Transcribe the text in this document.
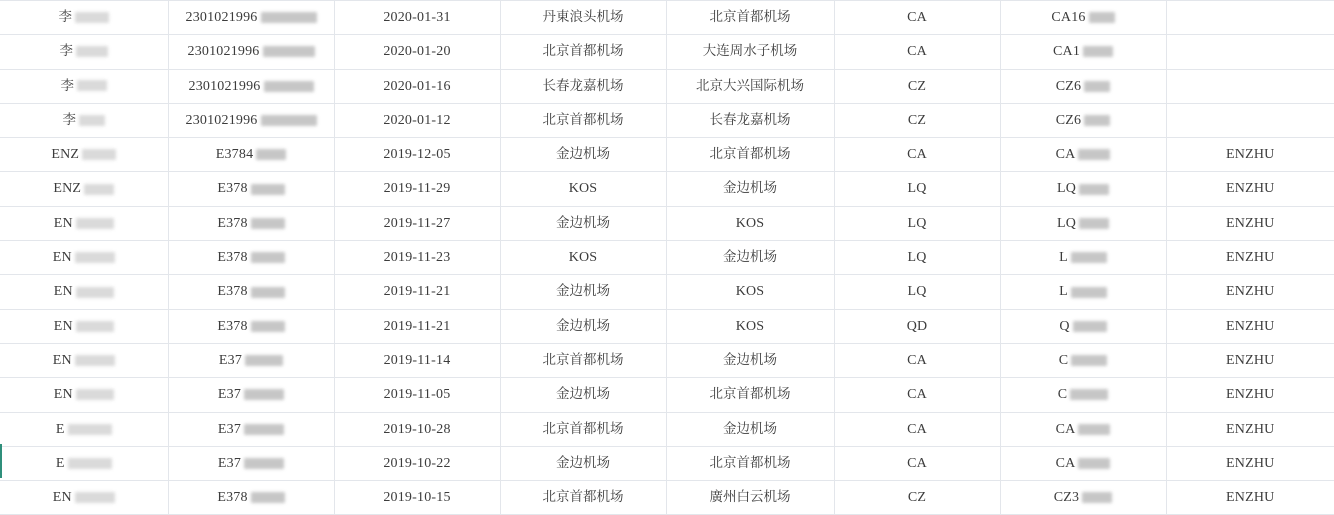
李	2301021996	2020-01-31	丹東浪头机场	北京首都机场	CA	CA16	

李	2301021996	2020-01-20	北京首都机场	大连周水子机场	CA	CA1	

李	2301021996	2020-01-16	长春龙嘉机场	北京大兴国际机场	CZ	CZ6	

李	2301021996	2020-01-12	北京首都机场	长春龙嘉机场	CZ	CZ6	

ENZ	E3784	2019-12-05	金边机场	北京首都机场	CA	CA	ENZHU

ENZ	E378	2019-11-29	KOS	金边机场	LQ	LQ	ENZHU

EN	E378	2019-11-27	金边机场	KOS	LQ	LQ	ENZHU

EN	E378	2019-11-23	KOS	金边机场	LQ	L	ENZHU

EN	E378	2019-11-21	金边机场	KOS	LQ	L	ENZHU

EN	E378	2019-11-21	金边机场	KOS	QD	Q	ENZHU

EN	E37	2019-11-14	北京首都机场	金边机场	CA	C	ENZHU

EN	E37	2019-11-05	金边机场	北京首都机场	CA	C	ENZHU

E	E37	2019-10-28	北京首都机场	金边机场	CA	CA	ENZHU

E	E37	2019-10-22	金边机场	北京首都机场	CA	CA	ENZHU

EN	E378	2019-10-15	北京首都机场	廣州白云机场	CZ	CZ3	ENZHU
